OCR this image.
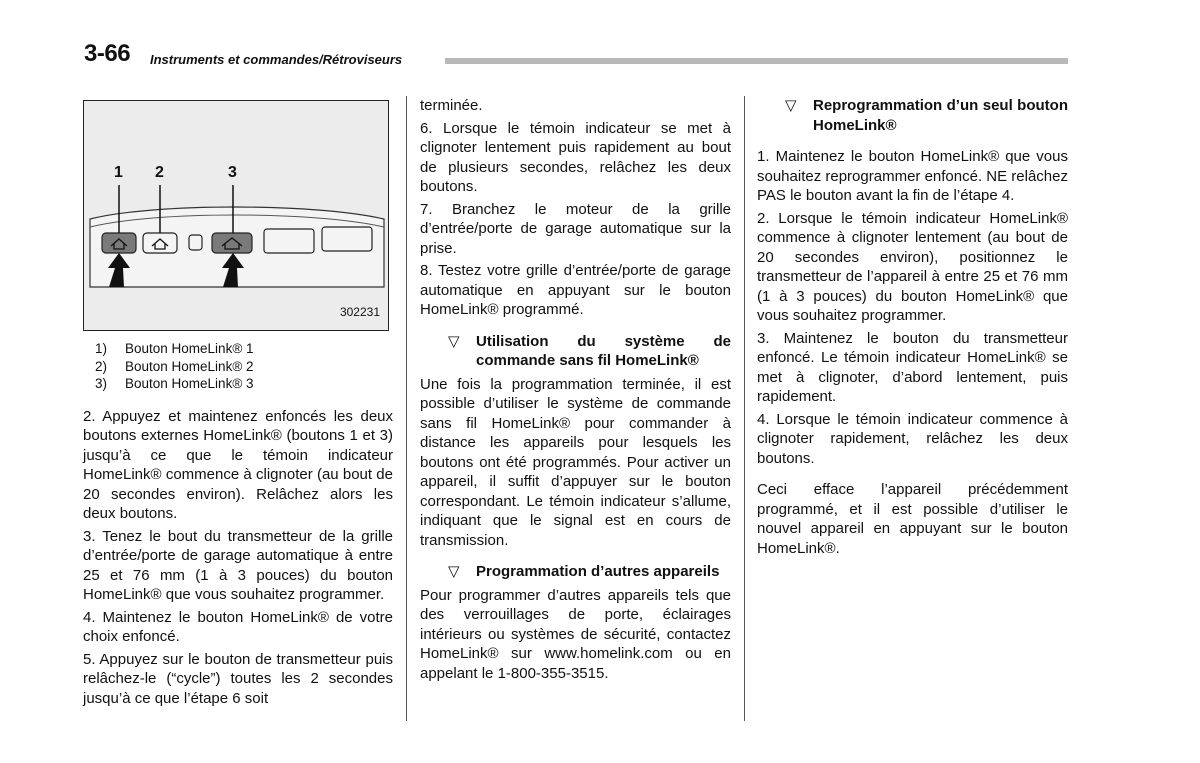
3-66 Instruments et commandes/Rétroviseurs
1 2	3
302231
1)	Bouton HomeLink® 1
2)	Bouton HomeLink® 2
3)	Bouton HomeLink® 3

2. Appuyez et maintenez enfoncés les deux boutons externes HomeLink® (boutons 1 et 3) jusqu’à ce que le témoin indicateur HomeLink® commence à clignoter (au bout de 20 secondes environ). Relâchez alors les deux boutons.

3. Tenez le bout du transmetteur de la grille d’entrée/porte de garage automatique à entre 25 et 76 mm (1 à 3 pouces) du bouton HomeLink® que vous souhaitez programmer.

4. Maintenez le bouton HomeLink® de votre choix enfoncé.

5. Appuyez sur le bouton de transmetteur puis relâchez-le (“cycle”) toutes les 2 secondes jusqu’à ce que l’étape 6 soit

terminée.

6. Lorsque le témoin indicateur se met à clignoter lentement puis rapidement au bout de plusieurs secondes, relâchez les deux boutons.

7. Branchez le moteur de la grille d’entrée/porte de garage automatique sur la prise.

8. Testez votre grille d’entrée/porte de garage automatique en appuyant sur le bouton HomeLink® programmé.

▽	Utilisation du système de commande sans fil HomeLink®

Une fois la programmation terminée, il est possible d’utiliser le système de commande sans fil HomeLink® pour commander à distance les appareils pour lesquels les boutons ont été programmés. Pour activer un appareil, il suffit d’appuyer sur le bouton correspondant. Le témoin indicateur s’allume, indiquant que le signal est en cours de transmission.

▽	Programmation d’autres appareils

Pour programmer d’autres appareils tels que des verrouillages de porte, éclairages intérieurs ou systèmes de sécurité, contactez HomeLink® sur www.homelink.com ou en appelant le 1-800-355-3515.

▽	Reprogrammation d’un seul bouton HomeLink®

1. Maintenez le bouton HomeLink® que vous souhaitez reprogrammer enfoncé. NE relâchez PAS le bouton avant la fin de l’étape 4.

2. Lorsque le témoin indicateur HomeLink® commence à clignoter lentement (au bout de 20 secondes environ), positionnez le transmetteur de l’appareil à entre 25 et 76 mm (1 à 3 pouces) du bouton HomeLink® que vous souhaitez programmer.

3. Maintenez le bouton du transmetteur enfoncé. Le témoin indicateur HomeLink® se met à clignoter, d’abord lentement, puis rapidement.

4. Lorsque le témoin indicateur commence à clignoter rapidement, relâchez les deux boutons.

Ceci efface l’appareil précédemment programmé, et il est possible d’utiliser le nouvel appareil en appuyant sur le bouton HomeLink®.
